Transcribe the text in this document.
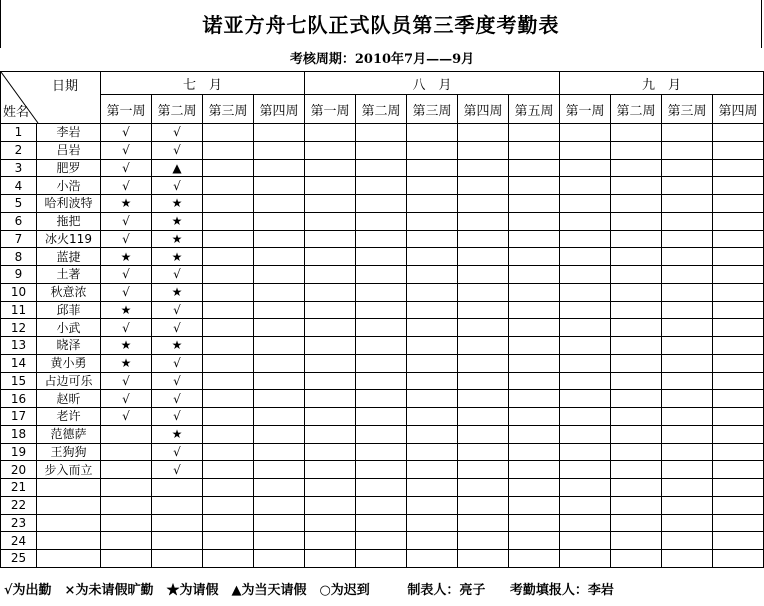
诺亚方舟七队正式队员第三季度考勤表
考核周期：2010年7月——9月
日期
姓名		七　月				八　月					九　月			
		第一周	第二周	第三周	第四周	第一周	第二周	第三周	第四周	第五周	第一周	第二周	第三周	第四周
1	李岩	√	√											
2	吕岩	√	√											
3	肥罗	√	▲											
4	小浩	√	√											
5	哈利波特	★	★											
6	拖把	√	★											
7	冰火119	√	★											
8	蓝捷	★	★											
9	土著	√	√											
10	秋意浓	√	★											
11	邱菲	★	√											
12	小武	√	√											
13	晓泽	★	★											
14	黄小勇	★	√											
15	占边可乐	√	√											
16	赵昕	√	√											
17	老许	√	√											
18	范德萨		★											
19	王狗狗		√											
20	步入而立		√											
21														
22														
23														
24														
25														
√为出勤 ×为未请假旷勤 ★为请假 ▲为当天请假 ○为迟到	制表人：亮子 考勤填报人：李岩
